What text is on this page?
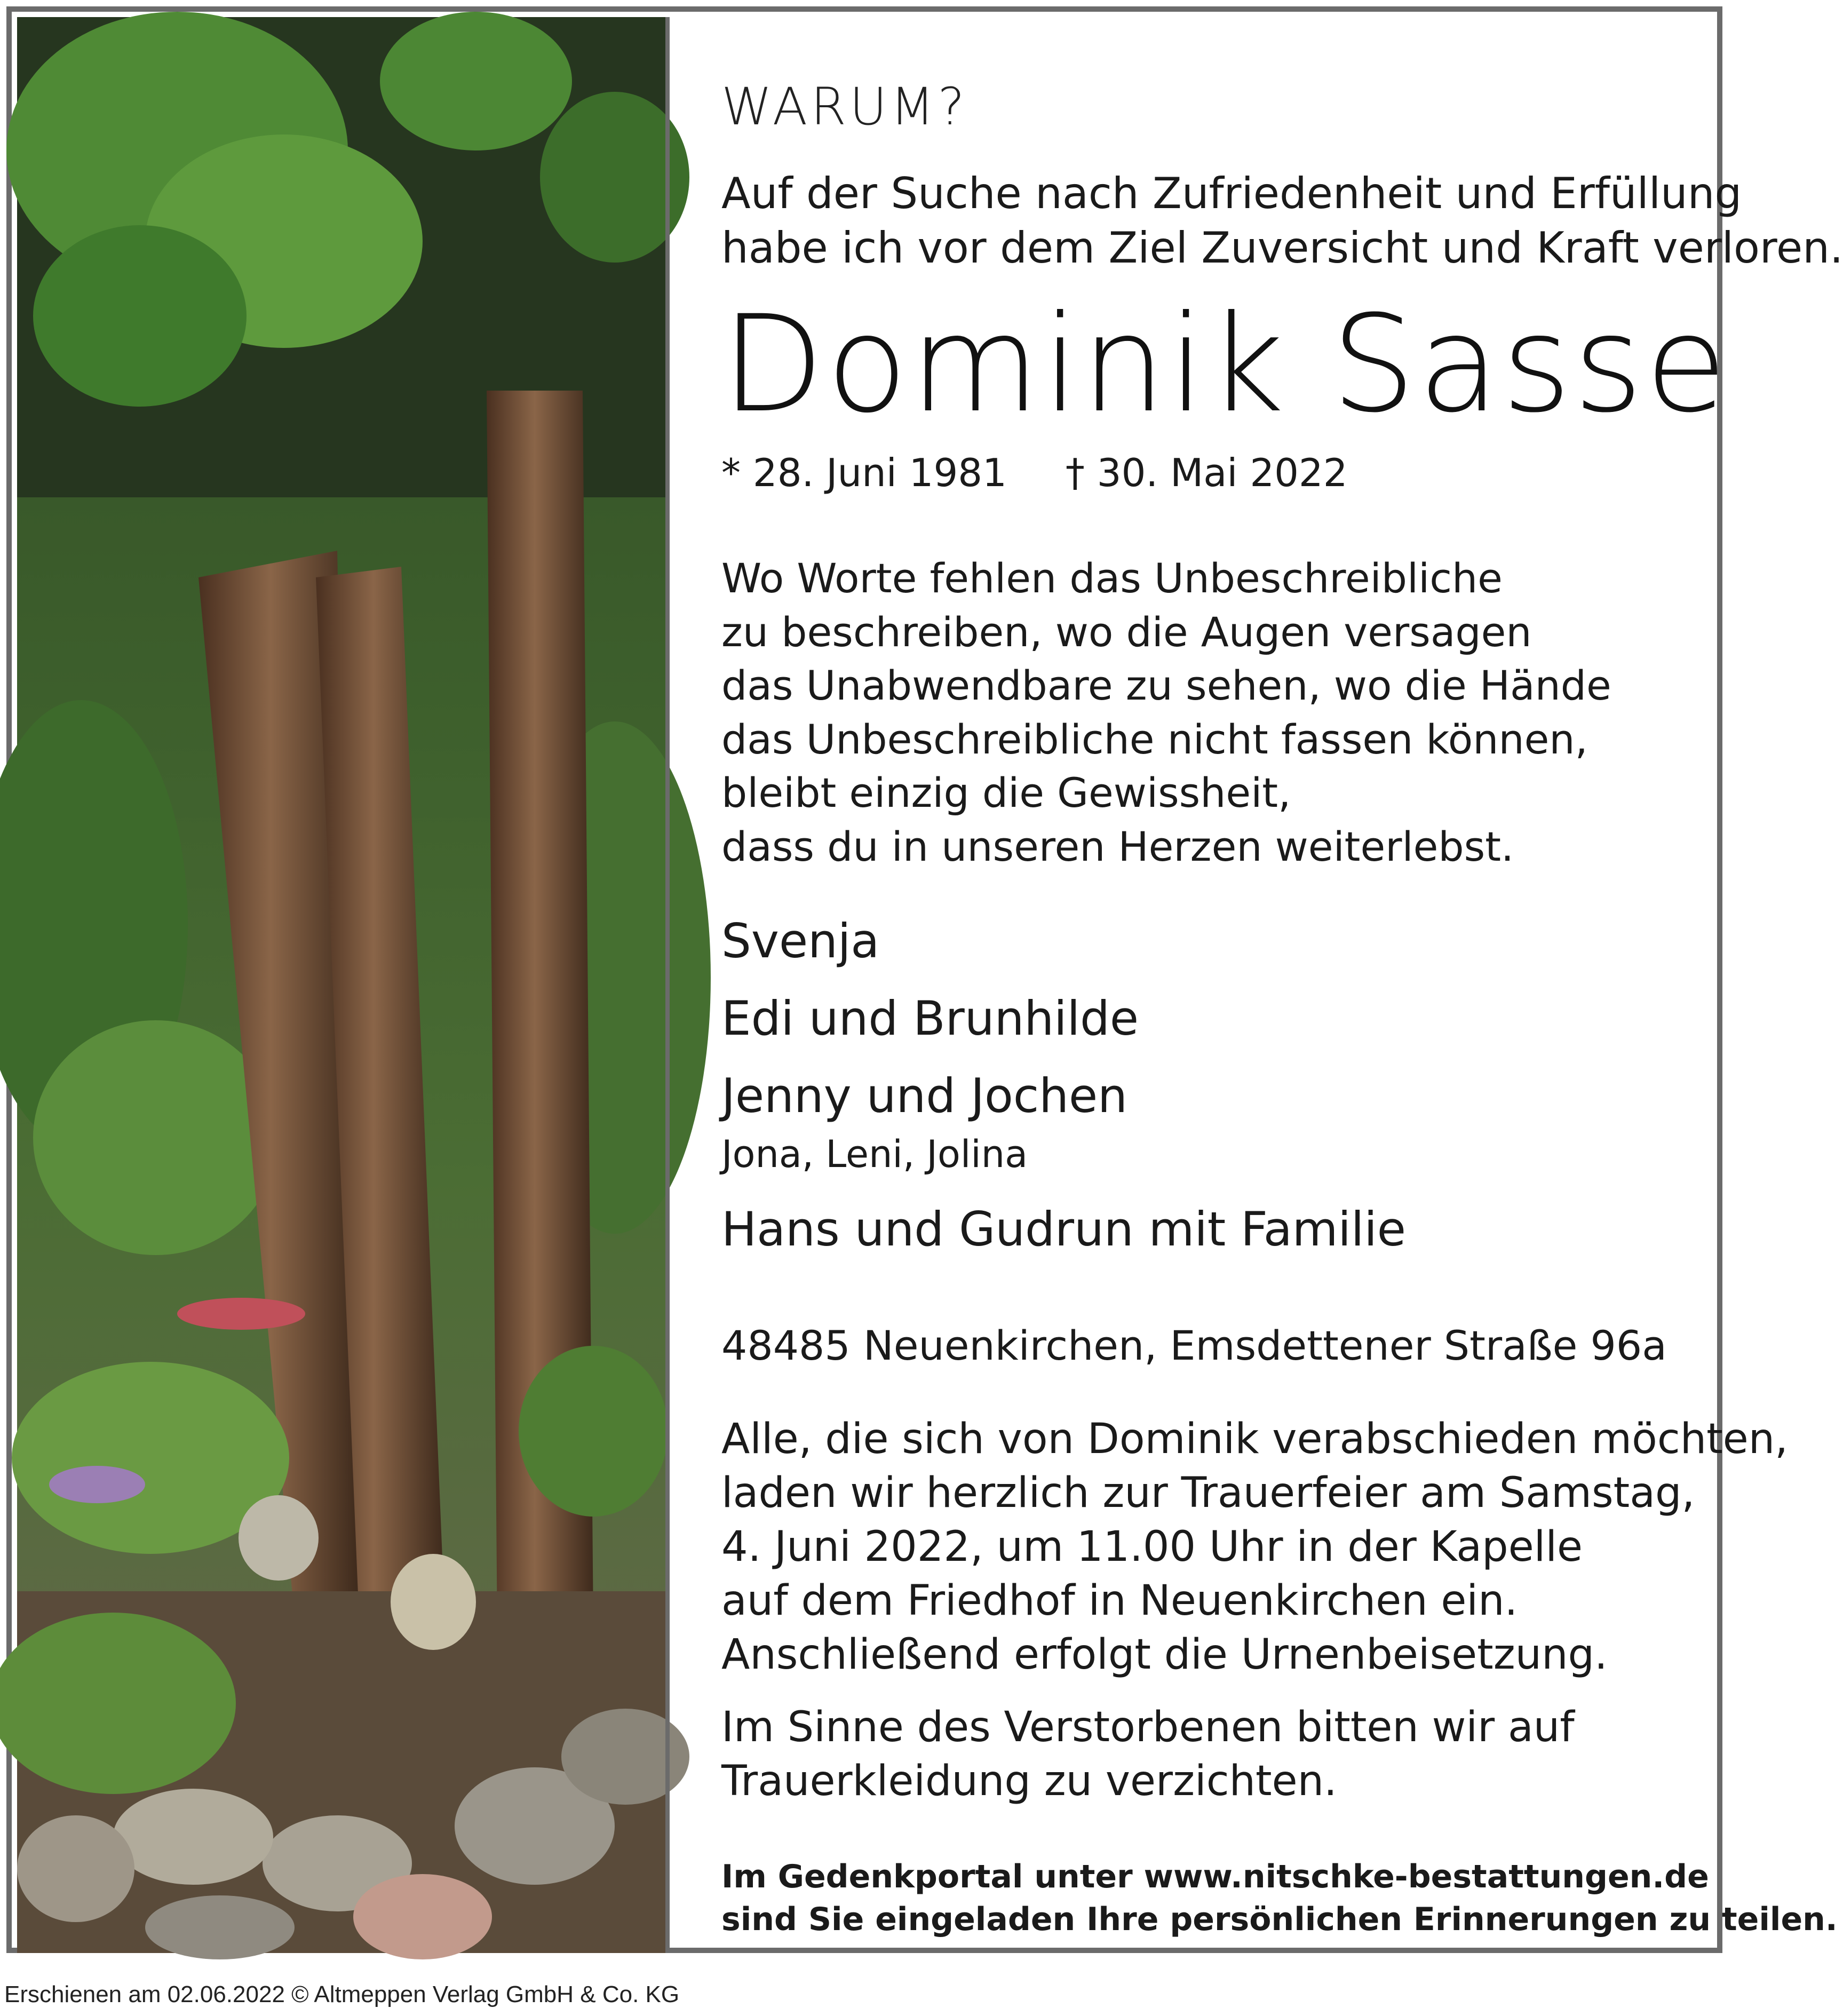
WARUM?

Auf der Suche nach Zufriedenheit und Erfüllung
habe ich vor dem Ziel Zuversicht und Kraft verloren.

Dominik Sasse

* 28. Juni 1981 † 30. Mai 2022

Wo Worte fehlen das Unbeschreibliche
zu beschreiben, wo die Augen versagen
das Unabwendbare zu sehen, wo die Hände
das Unbeschreibliche nicht fassen können,
bleibt einzig die Gewissheit,
dass du in unseren Herzen weiterlebst.

Svenja

Edi und Brunhilde

Jenny und Jochen

Jona, Leni, Jolina

Hans und Gudrun mit Familie

48485 Neuenkirchen, Emsdettener Straße 96a

Alle, die sich von Dominik verabschieden möchten,
laden wir herzlich zur Trauerfeier am Samstag,
4. Juni 2022, um 11.00 Uhr in der Kapelle
auf dem Friedhof in Neuenkirchen ein.
Anschließend erfolgt die Urnenbeisetzung.
Im Sinne des Verstorbenen bitten wir auf
Trauerkleidung zu verzichten.
Im Gedenkportal unter www.nitschke-bestattungen.de
sind Sie eingeladen Ihre persönlichen Erinnerungen zu teilen.
Erschienen am 02.06.2022 © Altmeppen Verlag GmbH & Co. KG
